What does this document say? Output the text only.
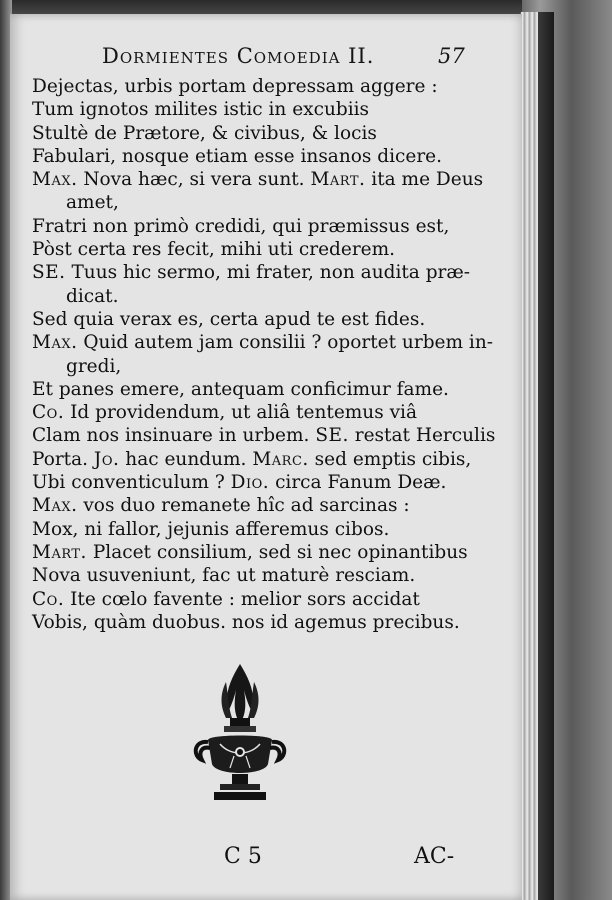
Dormientes Comoedia II.	57
Dejectas, urbis portam depressam aggere :
Tum ignotos milites istic in excubiis
Stultè de Prætore, & civibus, & locis
Fabulari, nosque etiam esse insanos dicere.
Max. Nova hæc, si vera sunt. Mart. ita me Deus
amet,
Fratri non primò credidi, qui præmissus est,
Pòst certa res fecit, mihi uti crederem.
SE. Tuus hic sermo, mi frater, non audita præ-
dicat.
Sed quia verax es, certa apud te est fides.
Max. Quid autem jam consilii ? oportet urbem in-
gredi,
Et panes emere, antequam conficimur fame.
Co. Id providendum, ut aliâ tentemus viâ
Clam nos insinuare in urbem. SE. restat Herculis
Porta. Jo. hac eundum. Marc. sed emptis cibis,
Ubi conventiculum ? Dio. circa Fanum Deæ.
Max. vos duo remanete hîc ad sarcinas :
Mox, ni fallor, jejunis afferemus cibos.
Mart. Placet consilium, sed si nec opinantibus
Nova usuveniunt, fac ut maturè resciam.
Co. Ite cœlo favente : melior sors accidat
Vobis, quàm duobus. nos id agemus precibus.
C 5	AC-
